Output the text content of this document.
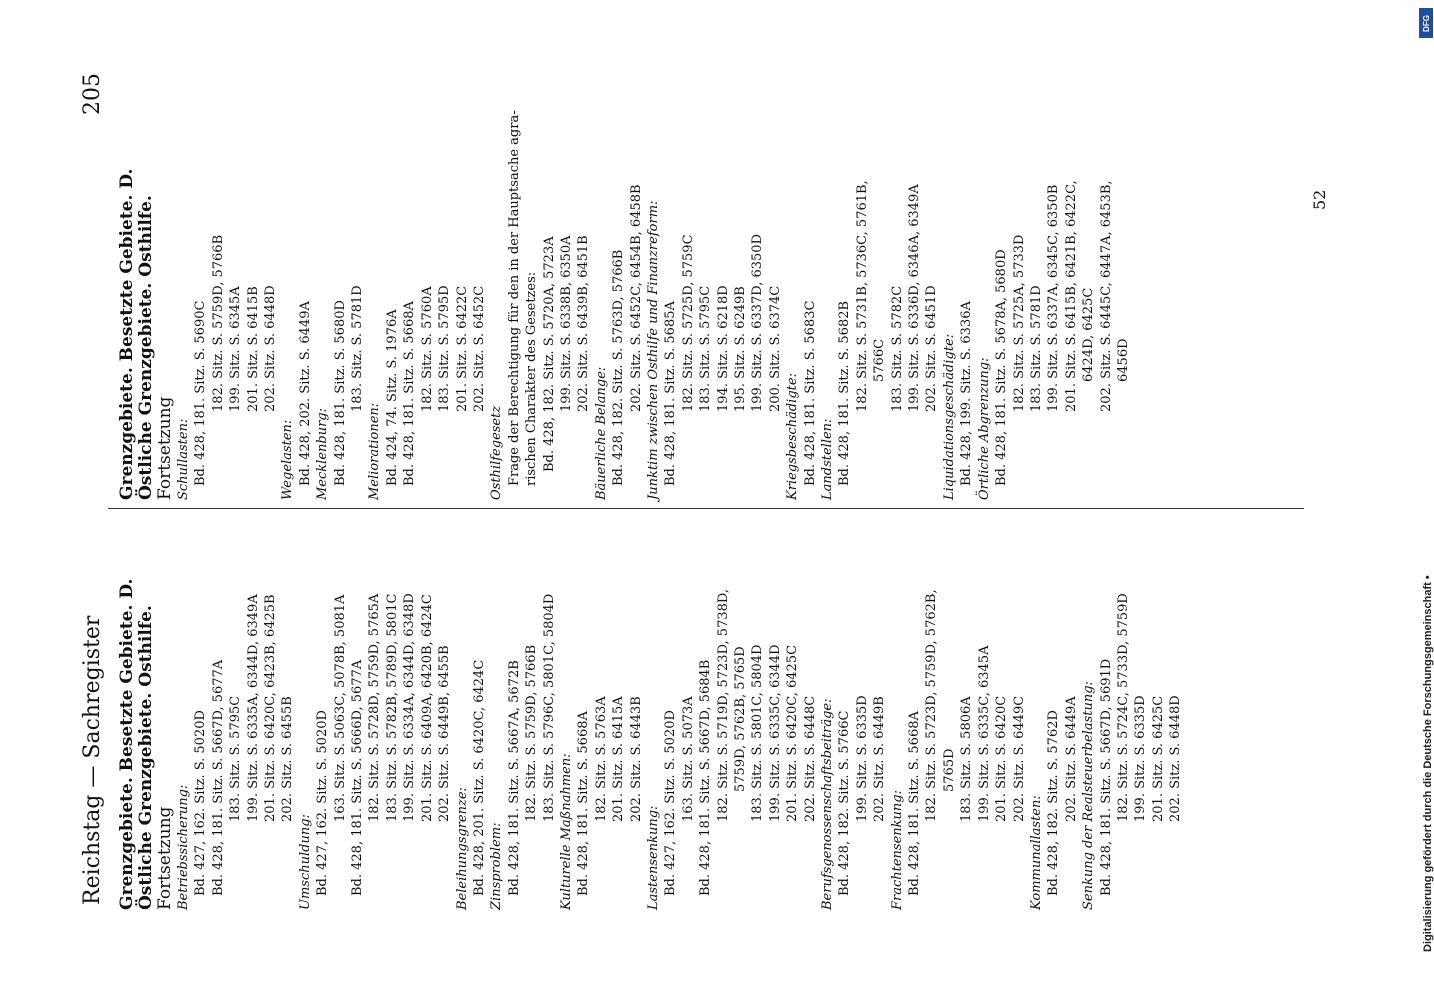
Reichstag — Sachregister
205
Grenzgebiete. Besetzte Gebiete. D. Östliche Grenzgebiete. Osthilfe. Fortsetzung Betriebssicherung: Bd. 427, 162. Sitz. S. 5020D Bd. 428, 181. Sitz. S. 5667D, 5677A 183. Sitz. S. 5795C 199. Sitz. S. 6335A, 6344D, 6349A 201. Sitz. S. 6420C, 6423B, 6425B 202. Sitz. S. 6455B
Umschuldung: Bd. 427, 162. Sitz. S. 5020D 163. Sitz. S. 5063C, 5078B, 5081A Bd. 428, 181. Sitz. S. 5666D, 5677A 182. Sitz. S. 5728D, 5759D, 5765A 183. Sitz. S. 5782B, 5789D, 5801C 199. Sitz. S. 6334A, 6344D, 6348D 201. Sitz. S. 6409A, 6420B, 6424C 202. Sitz. S. 6449B, 6455B
Beleihungsgrenze: Bd. 428, 201. Sitz. S. 6420C, 6424C Zinsproblem: Bd. 428, 181. Sitz. S. 5667A, 5672B 182. Sitz. S. 5759D, 5766B 183. Sitz. S. 5796C, 5801C, 5804D
Kulturelle Maßnahmen: Bd. 428, 181. Sitz. S. 5668A 182. Sitz. S. 5763A 201. Sitz. S. 6415A 202. Sitz. S. 6443B
Lastensenkung: Bd. 427, 162. Sitz. S. 5020D 163. Sitz. S. 5073A Bd. 428, 181. Sitz. S. 5667D, 5684B 182. Sitz. S. 5719D, 5723D, 5738D, 5759D, 5762B, 5765D 183. Sitz. S. 5801C, 5804D 199. Sitz. S. 6335C, 6344D 201. Sitz. S. 6420C, 6425C 202. Sitz. S. 6448C Berufsgenossenschaftsbeiträge: Bd. 428, 182. Sitz. S. 5766C 199. Sitz. S. 6335D 202. Sitz. S. 6449B
Frachtensenkung: Bd. 428, 181. Sitz. S. 5668A 182. Sitz. S. 5723D, 5759D, 5762B, 5765D 183. Sitz. S. 5806A 199. Sitz. S. 6335C, 6345A 201. Sitz. S. 6420C 202. Sitz. S. 6449C
Kommunallasten: Bd. 428, 182. Sitz. S. 5762D 202. Sitz. S. 6449A Senkung der Realsteuerbelastung: Bd. 428, 181. Sitz. S. 5667D, 5691D 182. Sitz. S. 5724C, 5733D, 5759D 199. Sitz. S. 6335D 201. Sitz. S. 6425C 202. Sitz. S. 6448D
Grenzgebiete. Besetzte Gebiete. D. Östliche Grenzgebiete. Osthilfe. Fortsetzung Schullasten: Bd. 428, 181. Sitz. S. 5690C 182. Sitz. S. 5759D, 5766B 199. Sitz. S. 6345A 201. Sitz. S. 6415B 202. Sitz. S. 6448D
Wegelasten: Bd. 428, 202. Sitz. S. 6449A Mecklenburg: Bd. 428, 181. Sitz. S. 5680D 183. Sitz. S. 5781D
Meliorationen: Bd. 424, 74. Sitz. S. 1976A Bd. 428, 181. Sitz. S. 5668A 182. Sitz. S. 5760A 183. Sitz. S. 5795D 201. Sitz. S. 6422C 202. Sitz. S. 6452C
Osthilfegesetz Frage der Berechtigung für den in der Hauptsache agra- rischen Charakter des Gesetzes: Bd. 428, 182. Sitz. S. 5720A, 5723A 199. Sitz. S. 6338B, 6350A 202. Sitz. S. 6439B, 6451B
Bäuerliche Belange: Bd. 428, 182. Sitz. S. 5763D, 5766B 202. Sitz. S. 6452C, 6454B, 6458B Junktim zwischen Osthilfe und Finanzreform: Bd. 428, 181. Sitz. S. 5685A 182. Sitz. S. 5725D, 5759C 183. Sitz. S. 5795C 194. Sitz. S. 6218D 195. Sitz. S. 6249B 199. Sitz. S. 6337D, 6350D 200. Sitz. S. 6374C
Kriegsbeschädigte: Bd. 428, 181. Sitz. S. 5683C Landstellen: Bd. 428, 181. Sitz. S. 5682B 182. Sitz. S. 5731B, 5736C, 5761B, 5766C 183. Sitz. S. 5782C 199. Sitz. S. 6336D, 6346A, 6349A 202. Sitz. S. 6451D Liquidationsgeschädigte: Bd. 428, 199. Sitz. S. 6336A Örtliche Abgrenzung: Bd. 428, 181. Sitz. S. 5678A, 5680D 182. Sitz. S. 5725A, 5733D 183. Sitz. S. 5781D 199. Sitz. S. 6337A, 6345C, 6350B 201. Sitz. S. 6415B, 6421B, 6422C, 6424D, 6425C 202. Sitz. S. 6445C, 6447A, 6453B, 6456D
52
Digitalisierung gefördert durch die Deutsche Forschungsgemeinschaft •
DFG
